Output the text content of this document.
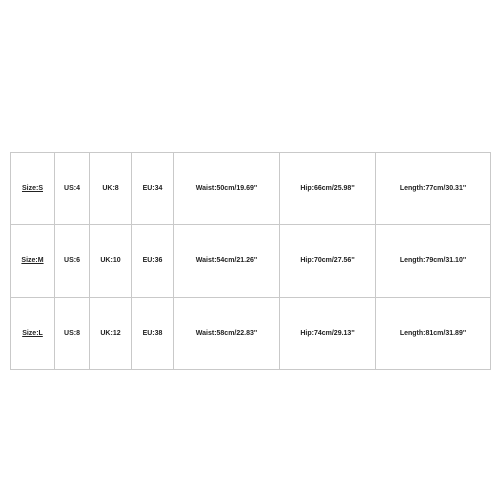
Size:S	US:4	UK:8	EU:34	Waist:50cm/19.69''	Hip:66cm/25.98''	Length:77cm/30.31''
Size:M	US:6	UK:10	EU:36	Waist:54cm/21.26''	Hip:70cm/27.56''	Length:79cm/31.10''
Size:L	US:8	UK:12	EU:38	Waist:58cm/22.83''	Hip:74cm/29.13''	Length:81cm/31.89''
